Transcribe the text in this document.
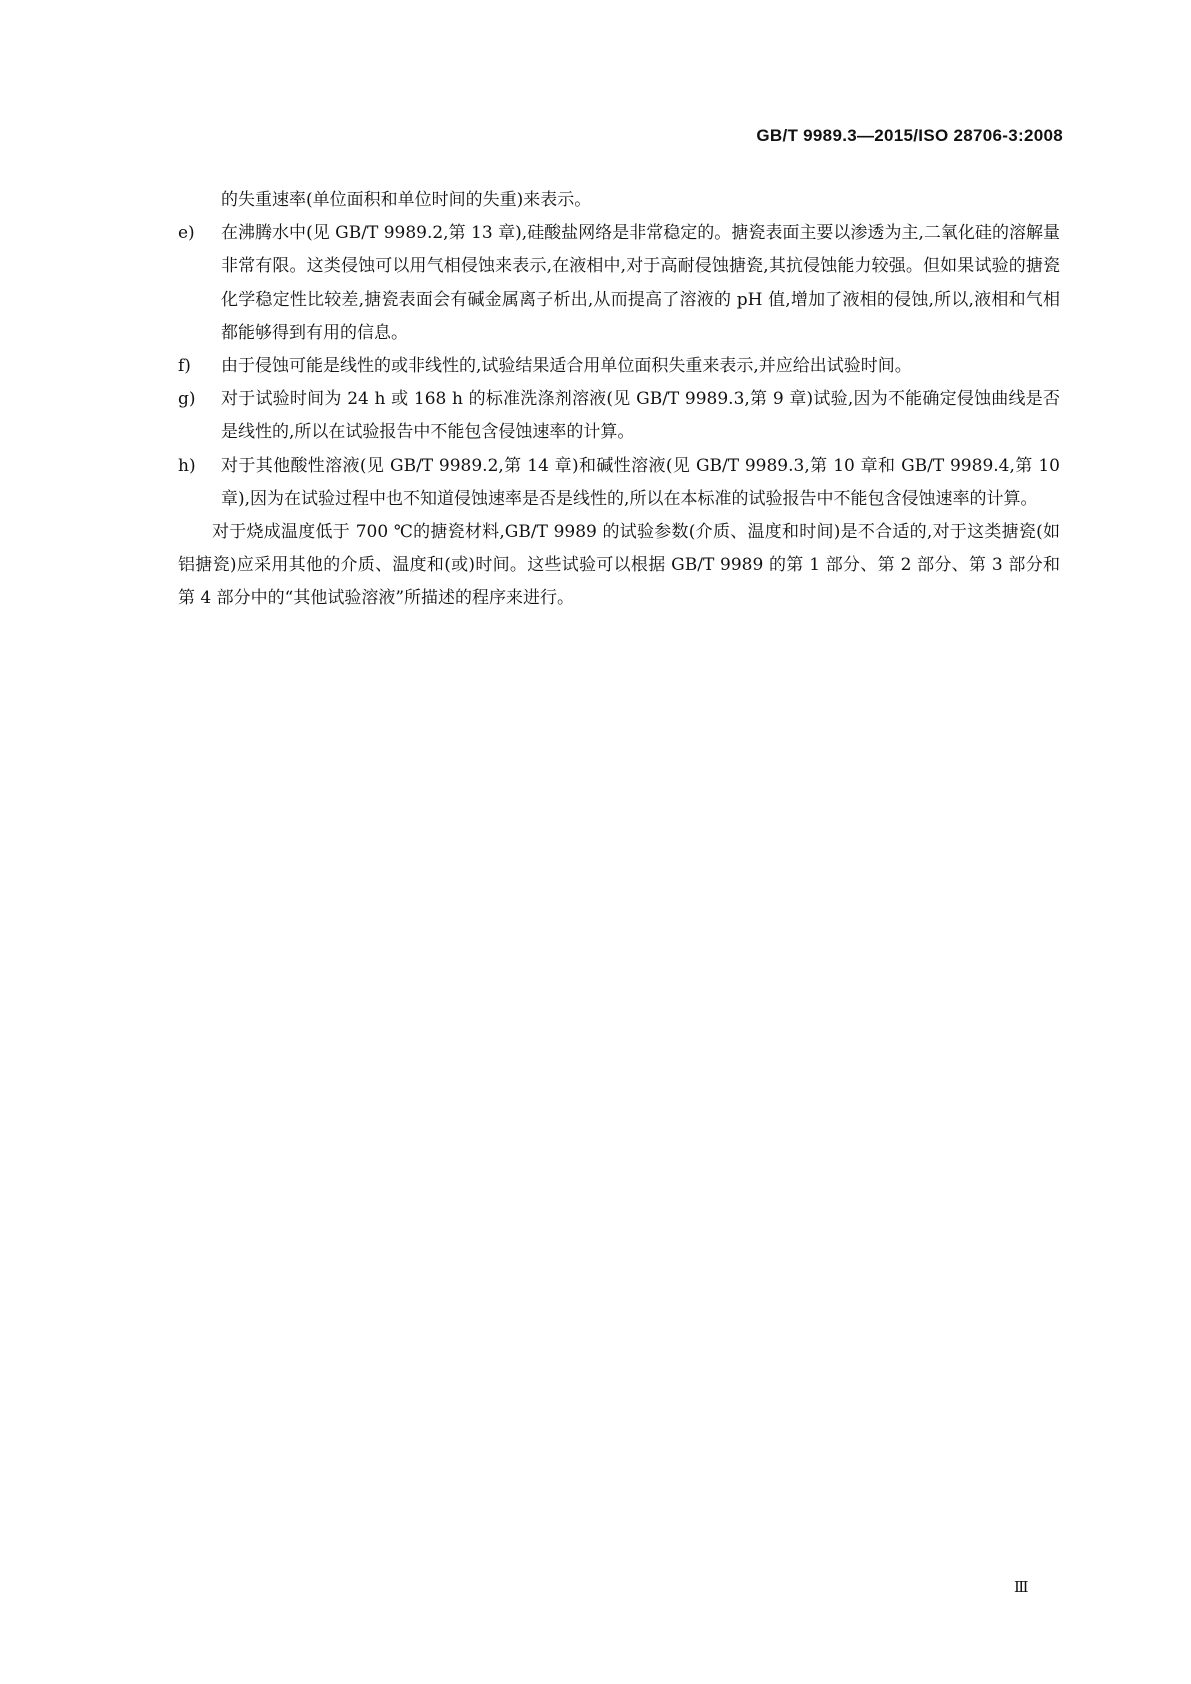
GB/T 9989.3—2015/ISO 28706-3:2008
的失重速率(单位面积和单位时间的失重)来表示。
e)	在沸腾水中(见 GB/T 9989.2,第 13 章),硅酸盐网络是非常稳定的。搪瓷表面主要以渗透为主,二氧化硅的溶解量非常有限。这类侵蚀可以用气相侵蚀来表示,在液相中,对于高耐侵蚀搪瓷,其抗侵蚀能力较强。但如果试验的搪瓷化学稳定性比较差,搪瓷表面会有碱金属离子析出,从而提高了溶液的 pH 值,增加了液相的侵蚀,所以,液相和气相都能够得到有用的信息。
f)	由于侵蚀可能是线性的或非线性的,试验结果适合用单位面积失重来表示,并应给出试验时间。
g)	对于试验时间为 24 h 或 168 h 的标准洗涤剂溶液(见 GB/T 9989.3,第 9 章)试验,因为不能确定侵蚀曲线是否是线性的,所以在试验报告中不能包含侵蚀速率的计算。
h)	对于其他酸性溶液(见 GB/T 9989.2,第 14 章)和碱性溶液(见 GB/T 9989.3,第 10 章和 GB/T 9989.4,第 10 章),因为在试验过程中也不知道侵蚀速率是否是线性的,所以在本标准的试验报告中不能包含侵蚀速率的计算。
对于烧成温度低于 700 ℃的搪瓷材料,GB/T 9989 的试验参数(介质、温度和时间)是不合适的,对于这类搪瓷(如铝搪瓷)应采用其他的介质、温度和(或)时间。这些试验可以根据 GB/T 9989 的第 1 部分、第 2 部分、第 3 部分和第 4 部分中的“其他试验溶液”所描述的程序来进行。
Ⅲ
